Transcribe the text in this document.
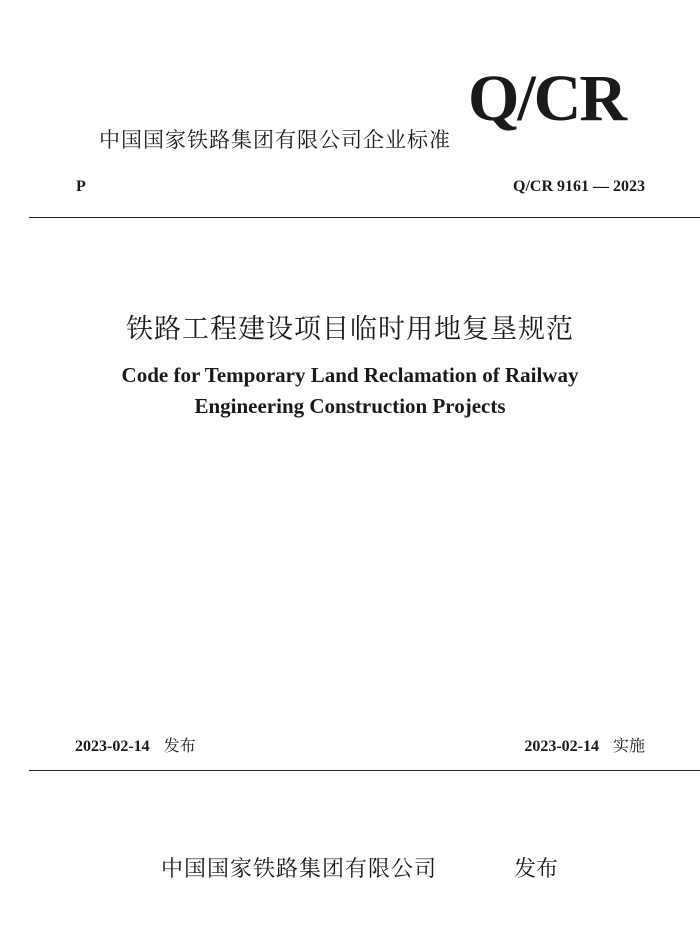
中国国家铁路集团有限公司企业标准
Q/CR
P	Q/CR 9161 — 2023
铁路工程建设项目临时用地复垦规范
Code for Temporary Land Reclamation of Railway
Engineering Construction Projects
2023-02-14 发布	2023-02-14 实施
中国国家铁路集团有限公司	发布
